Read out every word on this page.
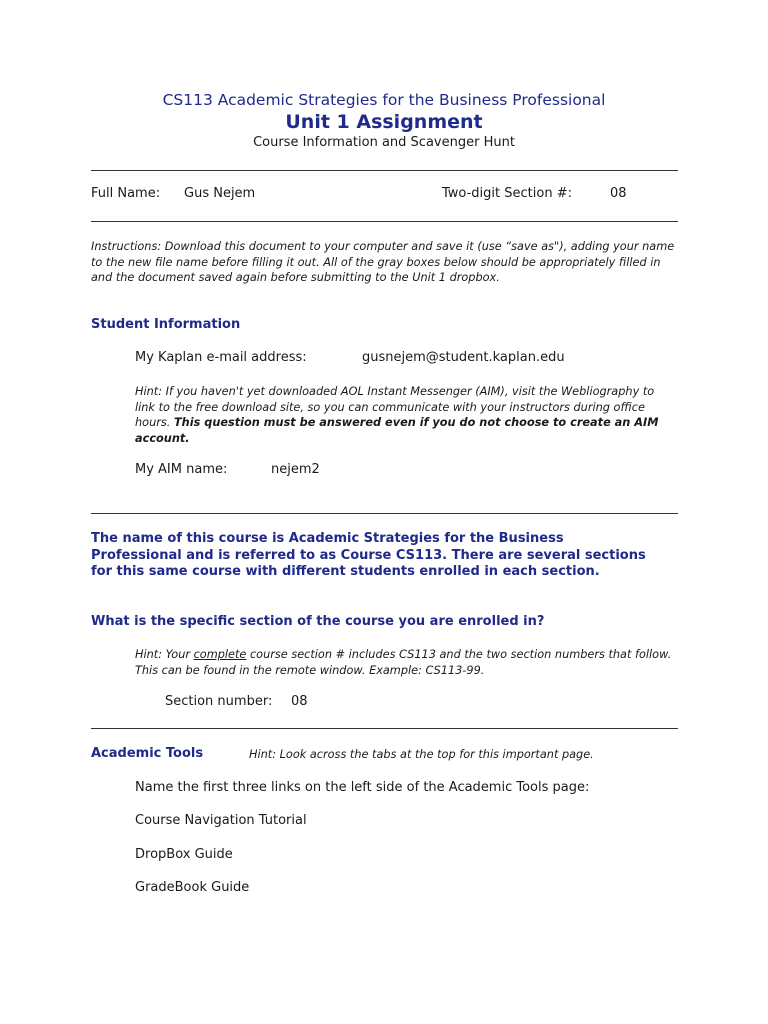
CS113 Academic Strategies for the Business Professional
Unit 1 Assignment
Course Information and Scavenger Hunt
Full Name: Gus Nejem	Two-digit Section #:	08
Instructions: Download this document to your computer and save it (use “save as"), adding your name to the new file name before filling it out. All of the gray boxes below should be appropriately filled in and the document saved again before submitting to the Unit 1 dropbox.
Student Information
My Kaplan e-mail address:	gusnejem@student.kaplan.edu
Hint: If you haven't yet downloaded AOL Instant Messenger (AIM), visit the Webliography to link to the free download site, so you can communicate with your instructors during office hours. This question must be answered even if you do not choose to create an AIM account.
My AIM name:	nejem2
The name of this course is Academic Strategies for the Business Professional and is referred to as Course CS113. There are several sections for this same course with different students enrolled in each section.
What is the specific section of the course you are enrolled in?
Hint: Your complete course section # includes CS113 and the two section numbers that follow. This can be found in the remote window. Example: CS113-99.
Section number: 08
Academic Tools	Hint: Look across the tabs at the top for this important page.
Name the first three links on the left side of the Academic Tools page:
Course Navigation Tutorial
DropBox Guide
GradeBook Guide
